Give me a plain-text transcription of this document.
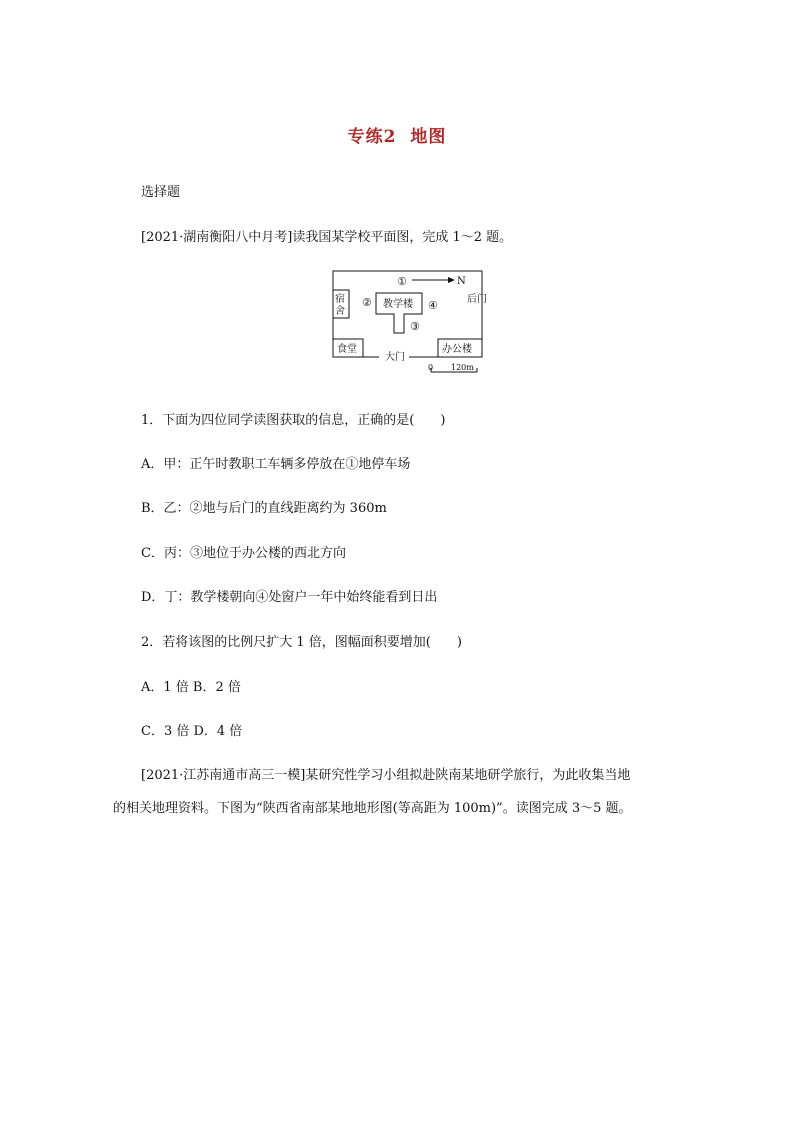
专练2 地图
选择题
[2021·湖南衡阳八中月考]读我国某学校平面图，完成 1～2 题。
N
①
②
③
④	后门
宿
舍
教学楼
食堂
大门
办公楼
0 120m
1．下面为四位同学读图获取的信息，正确的是(　　)
A．甲：正午时教职工车辆多停放在①地停车场
B．乙：②地与后门的直线距离约为 360m
C．丙：③地位于办公楼的西北方向
D．丁：教学楼朝向④处窗户一年中始终能看到日出
2．若将该图的比例尺扩大 1 倍，图幅面积要增加(　　)
A．1 倍 B．2 倍
C．3 倍 D．4 倍
[2021·江苏南通市高三一模]某研究性学习小组拟赴陕南某地研学旅行，为此收集当地
的相关地理资料。下图为“陕西省南部某地地形图(等高距为 100m)”。读图完成 3～5 题。
